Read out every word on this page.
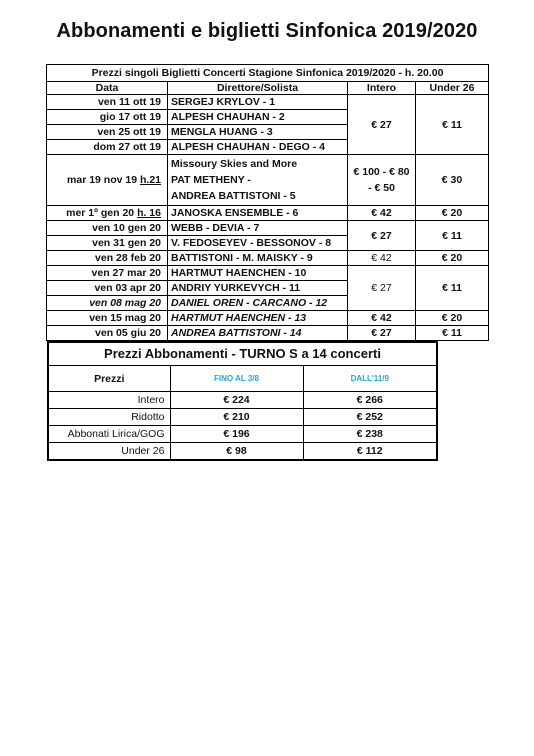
Abbonamenti e biglietti Sinfonica 2019/2020
Prezzi singoli Biglietti Concerti Stagione Sinfonica 2019/2020 - h. 20.00			
Data	Direttore/Solista	Intero	Under 26
ven 11 ott 19	SERGEJ KRYLOV - 1	€ 27	€ 11
gio 17 ott 19	ALPESH CHAUHAN - 2		
ven 25 ott 19	MENGLA HUANG - 3		
dom 27 ott 19	ALPESH CHAUHAN - DEGO - 4		
mar 19 nov 19 h.21	Missoury Skies and More
PAT METHENY -
ANDREA BATTISTONI - 5	€ 100 - € 80 - € 50	€ 30
mer 1º gen 20 h. 16	JANOSKA ENSEMBLE - 6	€ 42	€ 20
ven 10 gen 20	WEBB - DEVIA - 7	€ 27	€ 11
ven 31 gen 20	V. FEDOSEYEV - BESSONOV - 8		
ven 28 feb 20	BATTISTONI - M. MAISKY - 9	€ 42	€ 20
ven 27 mar 20	HARTMUT HAENCHEN - 10	€ 27	€ 11
ven 03 apr 20	ANDRIY YURKEVYCH - 11		
ven 08 mag 20	DANIEL OREN - CARCANO - 12		
ven 15 mag 20	HARTMUT HAENCHEN - 13	€ 42	€ 20
ven 05 giu 20	ANDREA BATTISTONI - 14	€ 27	€ 11
Prezzi Abbonamenti - TURNO S a 14 concerti		
Prezzi	FINO AL 3/8	DALL'11/9
Intero	€ 224	€ 266
Ridotto	€ 210	€ 252
Abbonati Lirica/GOG	€ 196	€ 238
Under 26	€ 98	€ 112
